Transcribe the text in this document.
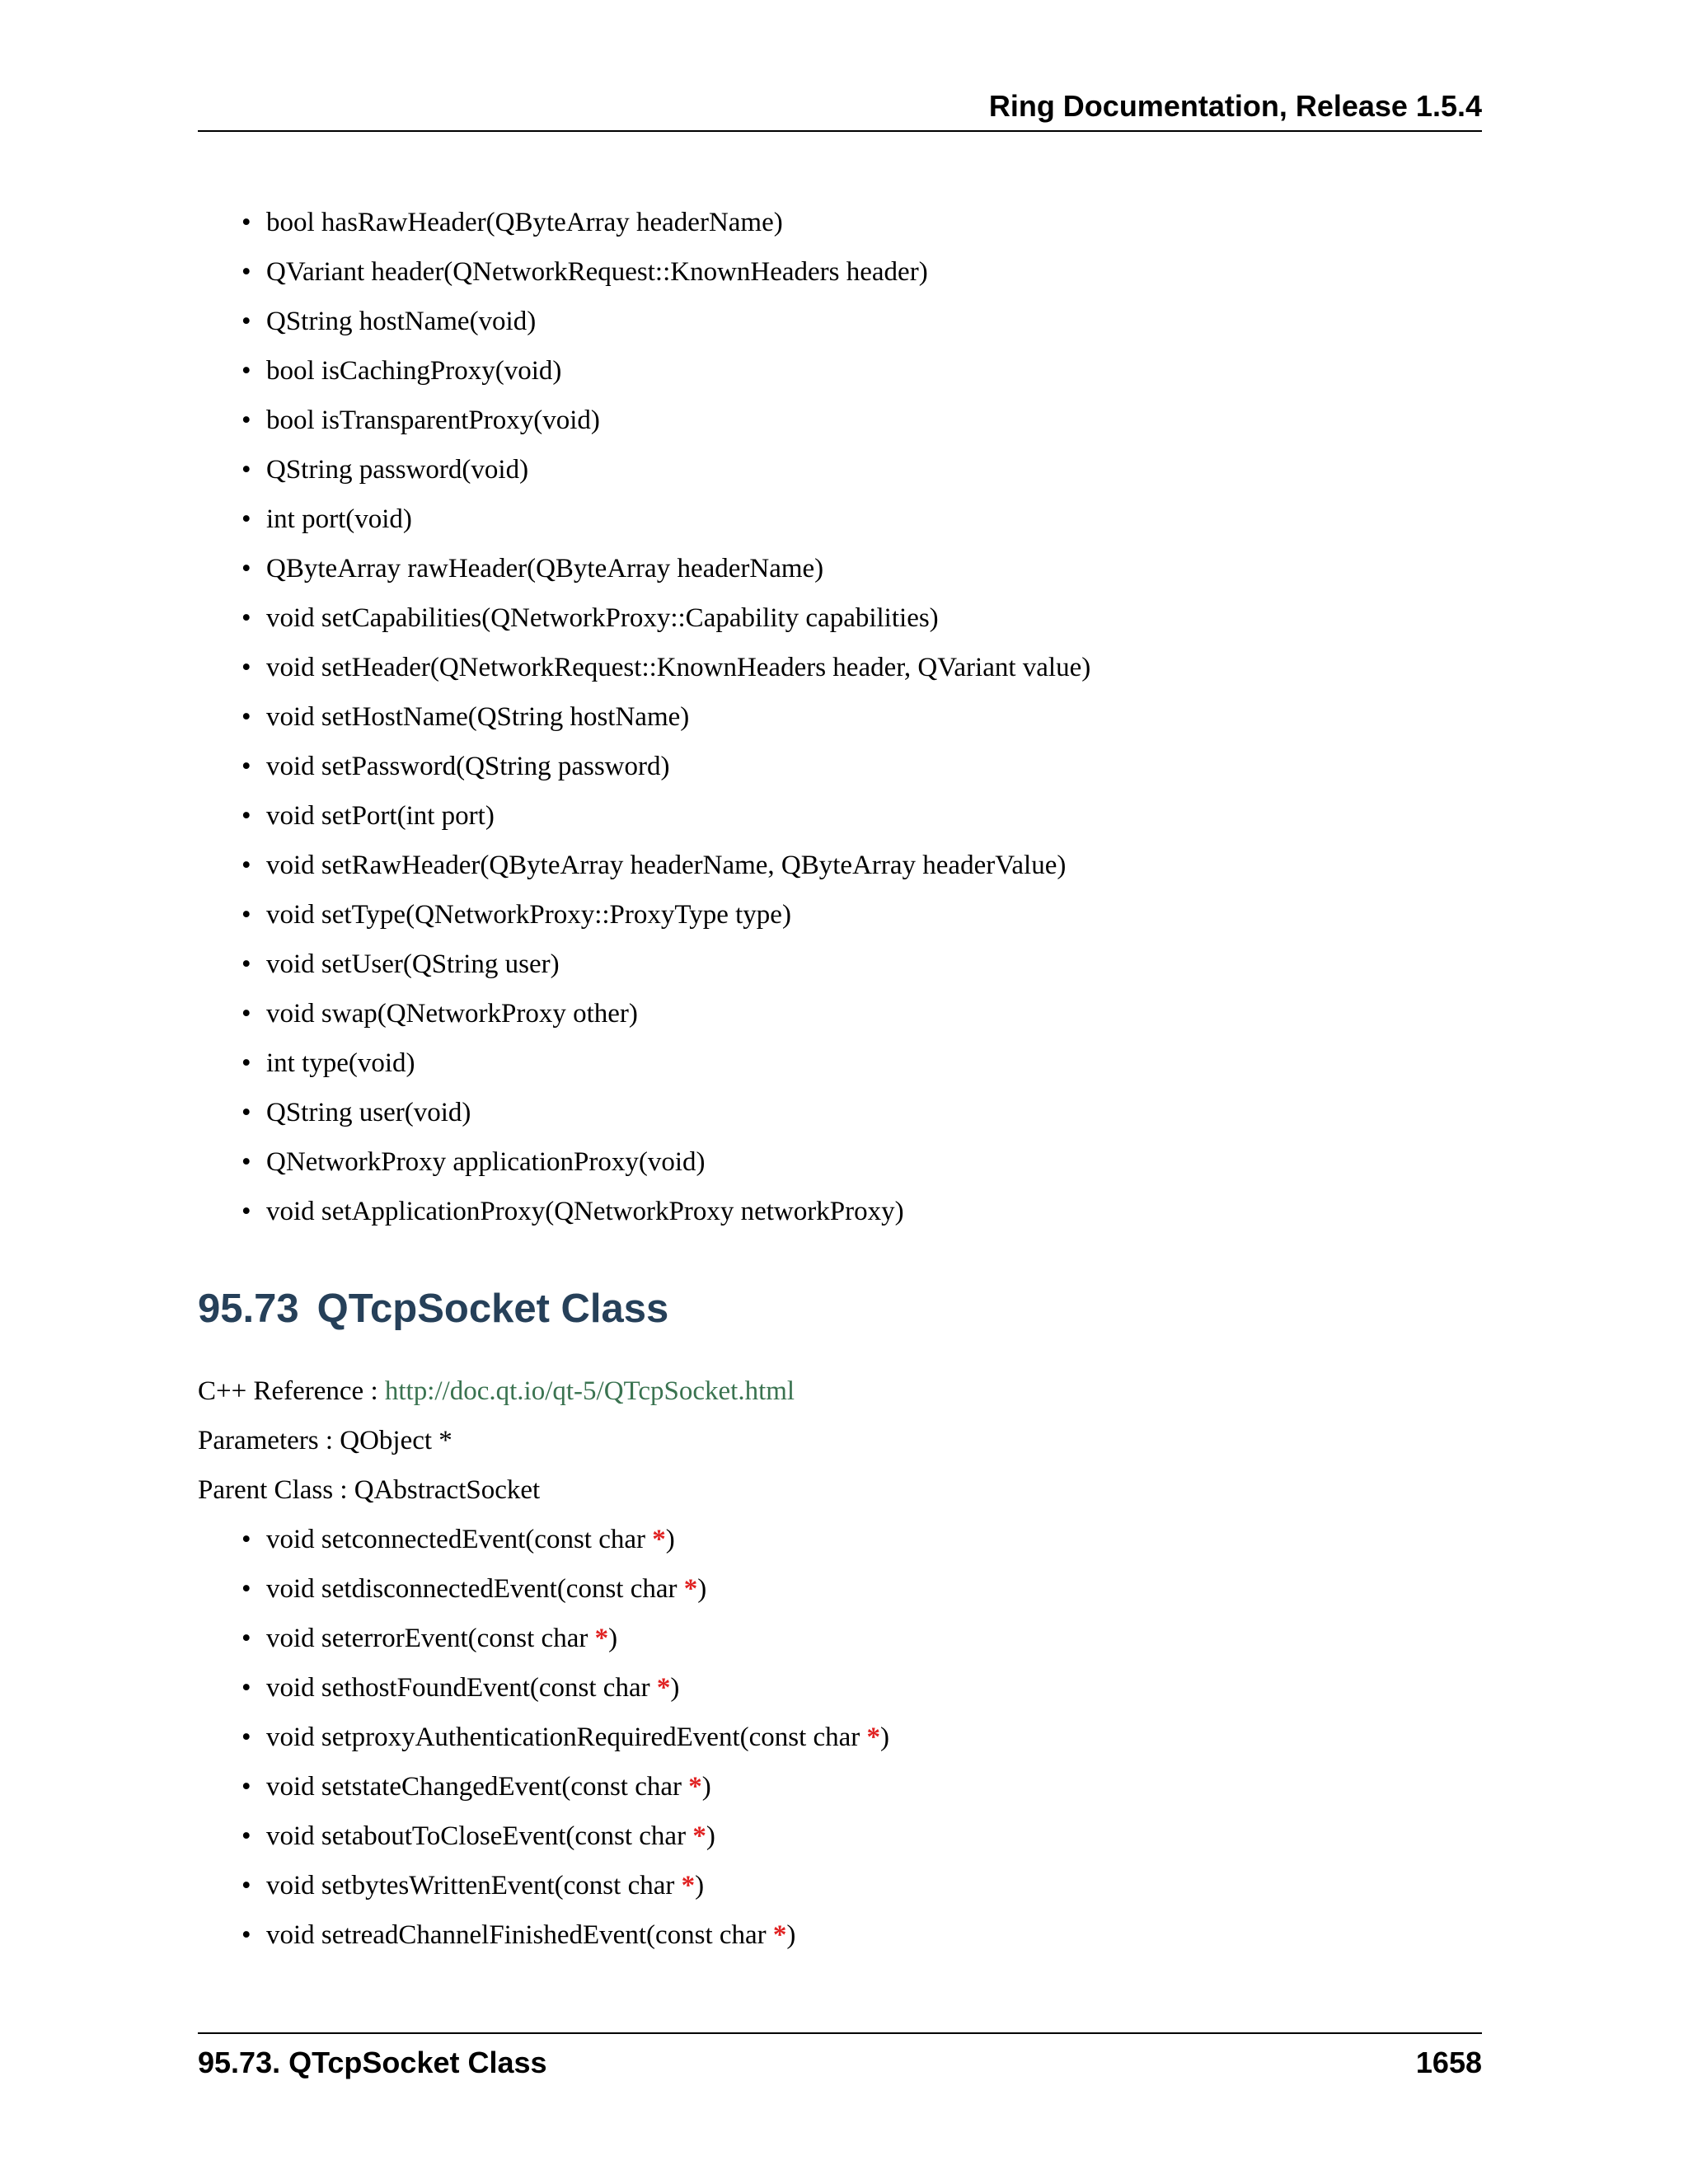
Ring Documentation, Release 1.5.4
• bool hasRawHeader(QByteArray headerName)
• QVariant header(QNetworkRequest::KnownHeaders header)
• QString hostName(void)
• bool isCachingProxy(void)
• bool isTransparentProxy(void)
• QString password(void)
• int port(void)
• QByteArray rawHeader(QByteArray headerName)
• void setCapabilities(QNetworkProxy::Capability capabilities)
• void setHeader(QNetworkRequest::KnownHeaders header, QVariant value)
• void setHostName(QString hostName)
• void setPassword(QString password)
• void setPort(int port)
• void setRawHeader(QByteArray headerName, QByteArray headerValue)
• void setType(QNetworkProxy::ProxyType type)
• void setUser(QString user)
• void swap(QNetworkProxy other)
• int type(void)
• QString user(void)
• QNetworkProxy applicationProxy(void)
• void setApplicationProxy(QNetworkProxy networkProxy)
95.73 QTcpSocket Class
C++ Reference : http://doc.qt.io/qt-5/QTcpSocket.html
Parameters : QObject *
Parent Class : QAbstractSocket
• void setconnectedEvent(const char *)
• void setdisconnectedEvent(const char *)
• void seterrorEvent(const char *)
• void sethostFoundEvent(const char *)
• void setproxyAuthenticationRequiredEvent(const char *)
• void setstateChangedEvent(const char *)
• void setaboutToCloseEvent(const char *)
• void setbytesWrittenEvent(const char *)
• void setreadChannelFinishedEvent(const char *)
95.73. QTcpSocket Class	1658
